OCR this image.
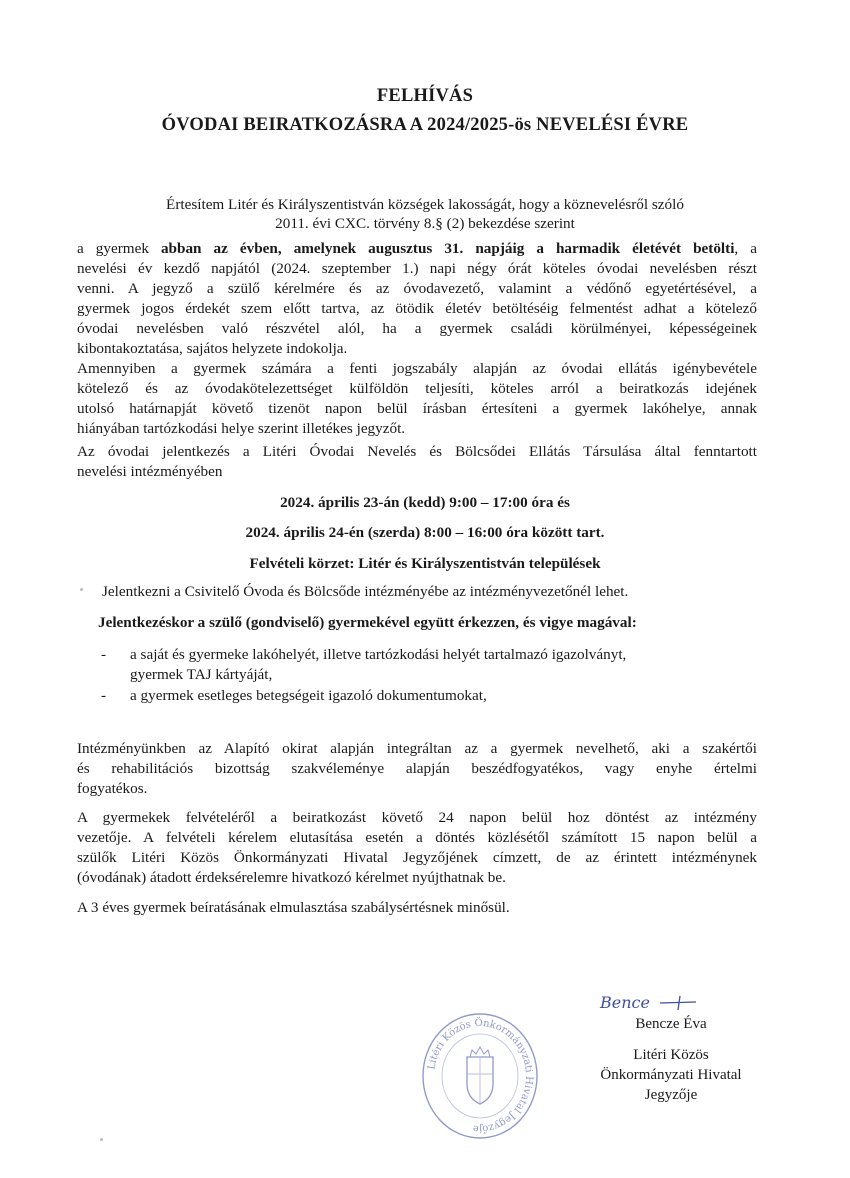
FELHÍVÁS
ÓVODAI BEIRATKOZÁSRA A 2024/2025-ös NEVELÉSI ÉVRE
Értesítem Litér és Királyszentistván községek lakosságát, hogy a köznevelésről szóló
2011. évi CXC. törvény 8.§ (2) bekezdése szerint
a gyermek abban az évben, amelynek augusztus 31. napjáig a harmadik életévét betölti, a
nevelési év kezdő napjától (2024. szeptember 1.) napi négy órát köteles óvodai nevelésben részt
venni. A jegyző a szülő kérelmére és az óvodavezető, valamint a védőnő egyetértésével, a
gyermek jogos érdekét szem előtt tartva, az ötödik életév betöltéséig felmentést adhat a kötelező
óvodai nevelésben való részvétel alól, ha a gyermek családi körülményei, képességeinek
kibontakoztatása, sajátos helyzete indokolja.
Amennyiben a gyermek számára a fenti jogszabály alapján az óvodai ellátás igénybevétele
kötelező és az óvodakötelezettséget külföldön teljesíti, köteles arról a beiratkozás idejének
utolsó határnapját követő tizenöt napon belül írásban értesíteni a gyermek lakóhelye, annak
hiányában tartózkodási helye szerint illetékes jegyzőt.
Az óvodai jelentkezés a Litéri Óvodai Nevelés és Bölcsődei Ellátás Társulása által fenntartott
nevelési intézményében
2024. április 23-án (kedd) 9:00 – 17:00 óra és
2024. április 24-én (szerda) 8:00 – 16:00 óra között tart.
Felvételi körzet: Litér és Királyszentistván települések
Jelentkezni a Csivitelő Óvoda és Bölcsőde intézményébe az intézményvezetőnél lehet.
Jelentkezéskor a szülő (gondviselő) gyermekével együtt érkezzen, és vigye magával:
- a saját és gyermeke lakóhelyét, illetve tartózkodási helyét tartalmazó igazolványt,
gyermek TAJ kártyáját,
- a gyermek esetleges betegségeit igazoló dokumentumokat,
Intézményünkben az Alapító okirat alapján integráltan az a gyermek nevelhető, aki a szakértői
és rehabilitációs bizottság szakvéleménye alapján beszédfogyatékos, vagy enyhe értelmi
fogyatékos.
A gyermekek felvételéről a beiratkozást követő 24 napon belül hoz döntést az intézmény
vezetője. A felvételi kérelem elutasítása esetén a döntés közlésétől számított 15 napon belül a
szülők Litéri Közös Önkormányzati Hivatal Jegyzőjének címzett, de az érintett intézménynek
(óvodának) átadott érdeksérelemre hivatkozó kérelmet nyújthatnak be.
A 3 éves gyermek beíratásának elmulasztása szabálysértésnek minősül.
Bence
Bencze Éva
Litéri Közös
Önkormányzati Hivatal
Jegyzője
Litéri Közös Önkormányzati Hivatal Jegyzője
